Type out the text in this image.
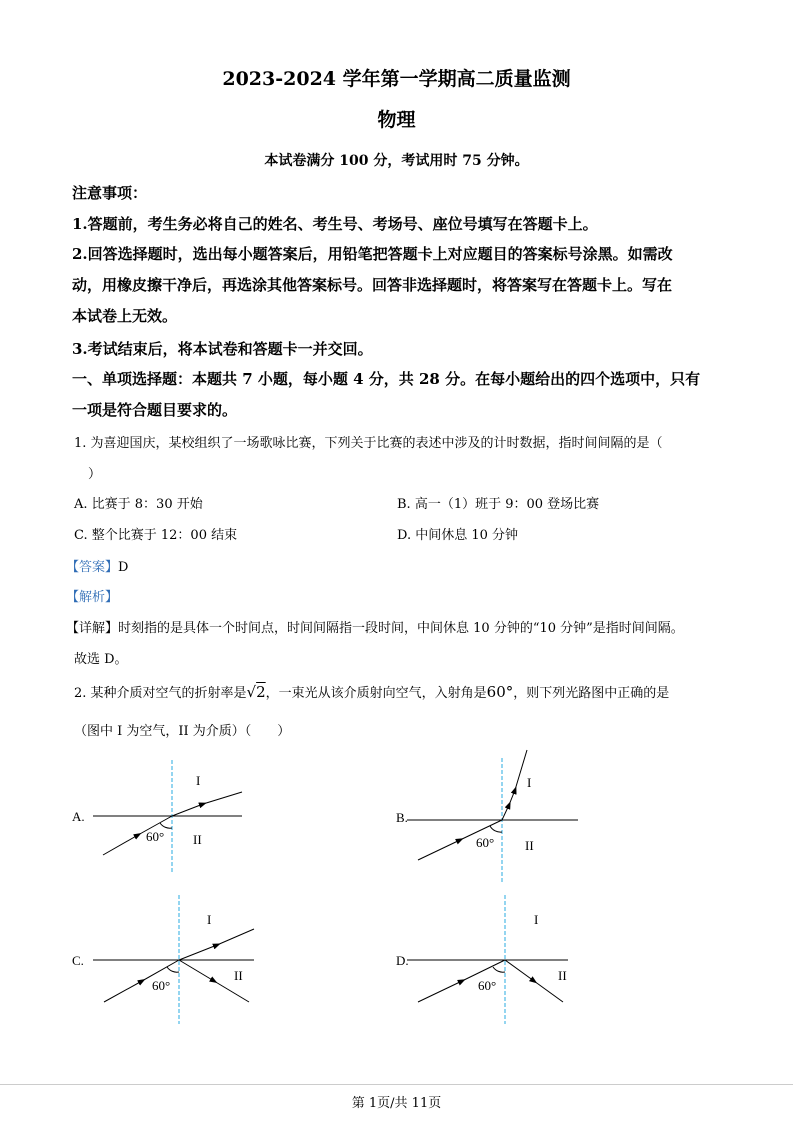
2023-2024 学年第一学期高二质量监测
物理
本试卷满分 100 分，考试用时 75 分钟。
注意事项：
1.答题前，考生务必将自己的姓名、考生号、考场号、座位号填写在答题卡上。
2.回答选择题时，选出每小题答案后，用铅笔把答题卡上对应题目的答案标号涂黑。如需改
动，用橡皮擦干净后，再选涂其他答案标号。回答非选择题时，将答案写在答题卡上。写在
本试卷上无效。
3.考试结束后，将本试卷和答题卡一并交回。
一、单项选择题：本题共 7 小题，每小题 4 分，共 28 分。在每小题给出的四个选项中，只有
一项是符合题目要求的。
1. 为喜迎国庆，某校组织了一场歌咏比赛，下列关于比赛的表述中涉及的计时数据，指时间间隔的是（
）
A. 比赛于 8：30 开始	B. 高一（1）班于 9：00 登场比赛
C. 整个比赛于 12：00 结束	D. 中间休息 10 分钟
【答案】D
【解析】
【详解】时刻指的是具体一个时间点，时间间隔指一段时间，中间休息 10 分钟的“10 分钟”是指时间间隔。
故选 D。
2. 某种介质对空气的折射率是√2，一束光从该介质射向空气，入射角是60°，则下列光路图中正确的是
（图中 I 为空气，II 为介质）（　　）
A.
I
II
60°
B.
I
II
60°
C.
I
II
60°
D.
I
II
60°
第 1页/共 11页
